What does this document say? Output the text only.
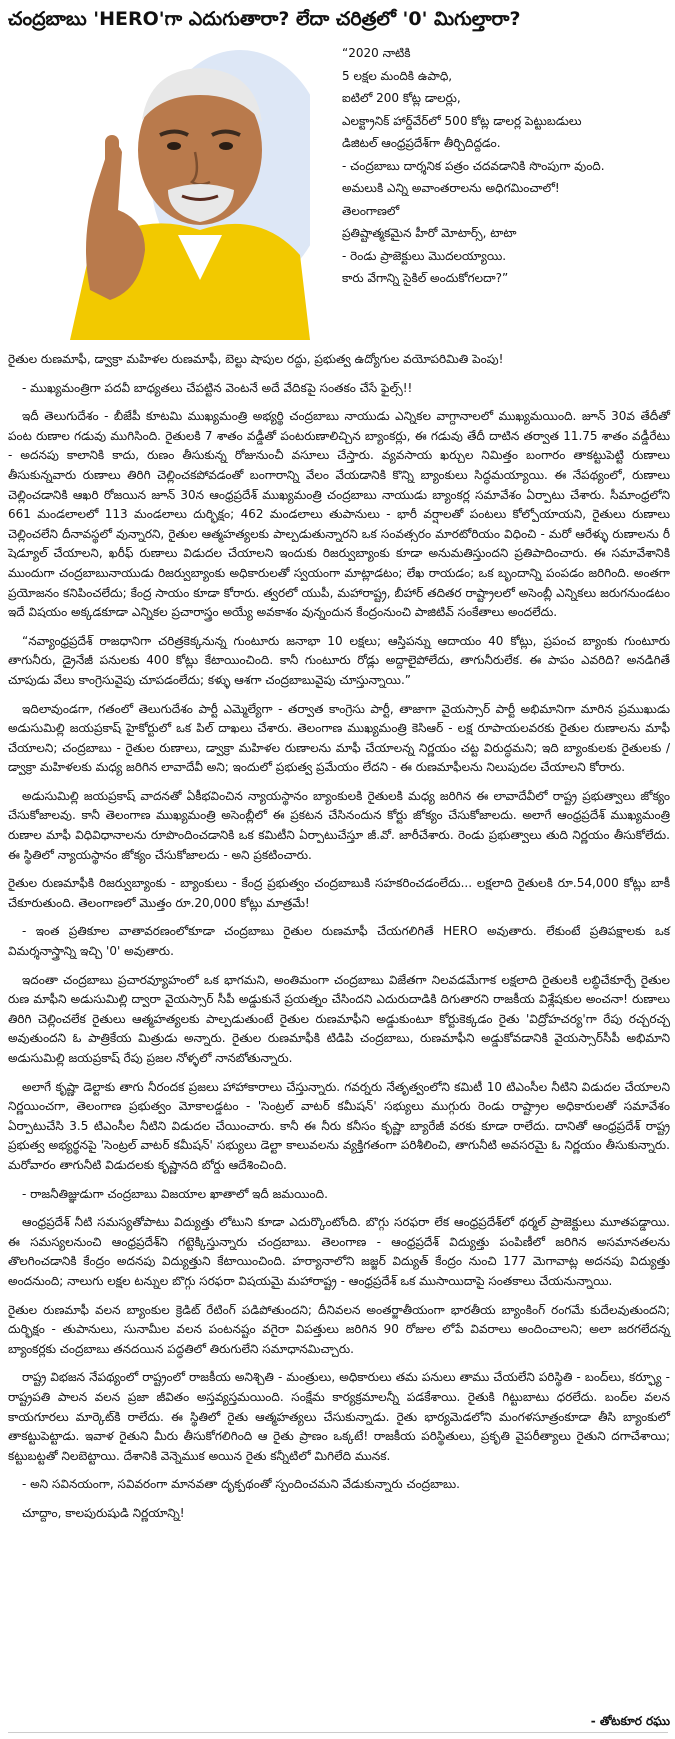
చంద్రబాబు 'HERO'గా ఎదుగుతారా? లేదా చరిత్రలో '0' మిగుల్తారా?
“2020 నాటికి
5 లక్షల మందికి ఉపాధి,
ఐటిలో 200 కోట్ల డాలర్లు,
ఎలక్ట్రానిక్ హార్డ్‌వేర్‌లో 500 కోట్ల డాలర్ల పెట్టుబడులు
డిజిటల్ ఆంధ్రప్రదేశ్‌గా తీర్చిదిద్దడం.
- చంద్రబాబు దార్శనిక పత్రం చదవడానికి సొంపుగా వుంది.
అమలుకి ఎన్ని అవాంతరాలను అధిగమించాలో!
తెలంగాణలో
ప్రతిష్టాత్మకమైన హీరో మోటార్స్, టాటా
- రెండు ప్రాజెక్టులు మొదలయ్యాయి.
కారు వేగాన్ని సైకిల్ అందుకోగలదా?”

రైతుల రుణమాఫీ, డ్వాక్రా మహిళల రుణమాఫీ, బెల్టు షాపుల రద్దు, ప్రభుత్వ ఉద్యోగుల వయోపరిమితి పెంపు!

- ముఖ్యమంత్రిగా పదవీ బాధ్యతలు చేపట్టిన వెంటనే అదే వేదికపై సంతకం చేసే ఫైల్స్!!

ఇదీ తెలుగుదేశం - బీజేపీ కూటమి ముఖ్యమంత్రి అభ్యర్థి చంద్రబాబు నాయుడు ఎన్నికల వాగ్దానాలలో ముఖ్యమయింది. జూన్ 30వ తేదీతో పంట రుణాల గడువు ముగిసింది. రైతులకి 7 శాతం వడ్డీతో పంటరుణాలిచ్చిన బ్యాంకర్లు, ఈ గడువు తేదీ దాటిన తర్వాత 11.75 శాతం వడ్డీరేటు - అదనపు కాలానికి కాదు, రుణం తీసుకున్న రోజునుంచీ వసూలు చేస్తారు. వ్యవసాయ ఖర్చుల నిమిత్తం బంగారం తాకట్టుపెట్టి రుణాలు తీసుకున్నవారు రుణాలు తిరిగి చెల్లించకపోవడంతో బంగారాన్ని వేలం వేయడానికి కొన్ని బ్యాంకులు సిద్ధమయ్యాయి. ఈ నేపథ్యంలో, రుణాలు చెల్లించడానికి ఆఖరి రోజయిన జూన్ 30న ఆంధ్రప్రదేశ్ ముఖ్యమంత్రి చంద్రబాబు నాయుడు బ్యాంకర్ల సమావేశం ఏర్పాటు చేశారు. సీమాంధ్రలోని 661 మండలాలలో 113 మండలాలు దుర్భిక్షం; 462 మండలాలు తుపానులు - భారీ వర్షాలతో పంటలు కోల్పోయాయని, రైతులు రుణాలు చెల్లించలేని దీనావస్థలో వున్నారని, రైతుల ఆత్మహత్యలకు పాల్పడుతున్నారని ఒక సంవత్సరం మారటోరియం విధించి - మరో ఆరేళ్ళు రుణాలను రీ షెడ్యూల్ చేయాలని, ఖరీఫ్ రుణాలు విడుదల చేయాలని ఇందుకు రిజర్వుబ్యాంకు కూడా అనుమతిస్తుందని ప్రతిపాదించారు. ఈ సమావేశానికి ముందుగా చంద్రబాబునాయుడు రిజర్వుబ్యాంకు అధికారులతో స్వయంగా మాట్లాడటం; లేఖ రాయడం; ఒక బృందాన్ని పంపడం జరిగింది. అంతగా ప్రయోజనం కనిపించలేదు; కేంద్ర సాయం కూడా కోరారు. త్వరలో యుపీ, మహారాష్ట్ర, బీహార్ తదితర రాష్ట్రాలలో అసెంబ్లీ ఎన్నికలు జరుగనుండటం ఇదే విషయం అక్కడకూడా ఎన్నికల ప్రచారాస్త్రం అయ్యే అవకాశం వున్నందున కేంద్రంనుంచి పాజిటివ్ సంకేతాలు అందలేదు.

“నవ్యాంధ్రప్రదేశ్ రాజధానిగా చరిత్రకెక్కనున్న గుంటూరు జనాభా 10 లక్షలు; ఆస్తిపన్ను ఆదాయం 40 కోట్లు, ప్రపంచ బ్యాంకు గుంటూరు తాగునీరు, డ్రైనేజీ పనులకు 400 కోట్లు కేటాయించింది. కానీ గుంటూరు రోడ్లు అద్దాలైపోలేదు, తాగునీరులేక. ఈ పాపం ఎవరిది? అనడిగితే చూపుడు వేలు కాంగ్రెసువైపు చూపడంలేదు; కళ్ళు ఆశగా చంద్రబాబువైపు చూస్తున్నాయి.”

ఇదిలావుండగా, గతంలో తెలుగుదేశం పార్టీ ఎమ్మెల్యేగా - తర్వాత కాంగ్రెసు పార్టీ, తాజాగా వైయస్సార్ పార్టీ అభిమానిగా మారిన ప్రముఖుడు అడుసుమిల్లి జయప్రకాష్ హైకోర్టులో ఒక పిల్ దాఖలు చేశారు. తెలంగాణ ముఖ్యమంత్రి కెసిఆర్ - లక్ష రూపాయలవరకు రైతుల రుణాలను మాఫీ చేయాలని; చంద్రబాబు - రైతుల రుణాలు, డ్వాక్రా మహిళల రుణాలను మాఫీ చేయాలన్న నిర్ణయం చట్ట విరుద్ధమని; ఇది బ్యాంకులకు రైతులకు / డ్వాక్రా మహిళలకు మధ్య జరిగిన లావాదేవీ అని; ఇందులో ప్రభుత్వ ప్రమేయం లేదని - ఈ రుణమాఫీలను నిలుపుదల చేయాలని కోరారు.

అడుసుమిల్లి జయప్రకాష్ వాదనతో ఏకీభవించిన న్యాయస్థానం బ్యాంకులకి రైతులకి మధ్య జరిగిన ఈ లావాదేవీలో రాష్ట్ర ప్రభుత్వాలు జోక్యం చేసుకోజాలవు. కానీ తెలంగాణ ముఖ్యమంత్రి అసెంబ్లీలో ఈ ప్రకటన చేసినందున కోర్టు జోక్యం చేసుకోజాలదు. అలాగే ఆంధ్రప్రదేశ్ ముఖ్యమంత్రి రుణాల మాఫీ విధివిధానాలను రూపొందించడానికి ఒక కమిటీని ఏర్పాటుచేస్తూ జీ.వో. జారీచేశారు. రెండు ప్రభుత్వాలు తుది నిర్ణయం తీసుకోలేదు. ఈ స్థితిలో న్యాయస్థానం జోక్యం చేసుకోజాలదు - అని ప్రకటించారు.

రైతుల రుణమాఫీకి రిజర్వుబ్యాంకు - బ్యాంకులు - కేంద్ర ప్రభుత్వం చంద్రబాబుకి సహకరించడంలేదు... లక్షలాది రైతులకి రూ.54,000 కోట్లు బాకీ చేకూరుతుంది. తెలంగాణలో మొత్తం రూ.20,000 కోట్లు మాత్రమే!

- ఇంత ప్రతికూల వాతావరణంలోకూడా చంద్రబాబు రైతుల రుణమాఫీ చేయగలిగితే HERO అవుతారు. లేకుంటే ప్రతిపక్షాలకు ఒక విమర్శనాస్త్రాన్ని ఇచ్చి '0' అవుతారు.

ఇదంతా చంద్రబాబు ప్రచారవ్యూహంలో ఒక భాగమని, అంతిమంగా చంద్రబాబు విజేతగా నిలవడమేగాక లక్షలాది రైతులకి లబ్ధిచేకూర్చే రైతుల రుణ మాఫీని అడుసుమిల్లి ద్వారా వైయస్సార్ సీపీ అడ్డుకునే ప్రయత్నం చేసిందని ఎదురుదాడికి దిగుతారని రాజకీయ విశ్లేషకుల అంచనా! రుణాలు తిరిగి చెల్లించలేక రైతులు ఆత్మహత్యలకు పాల్పడుతుంటే రైతుల రుణమాఫీని అడ్డుకుంటూ కోర్టుకెక్కడం రైతు 'విద్రోహచర్య'గా రేపు రచ్చరచ్చ అవుతుందని ఓ పాత్రికేయ మిత్రుడు అన్నారు. రైతుల రుణమాఫీకి టిడిపి చంద్రబాబు, రుణమాఫీని అడ్డుకోవడానికి వైయస్సార్‌సీపీ అభిమాని అడుసుమిల్లి జయప్రకాష్ రేపు ప్రజల నోళ్ళలో నానబోతున్నారు.

అలాగే కృష్ణా డెల్టాకు తాగు నీరందక ప్రజలు హాహాకారాలు చేస్తున్నారు. గవర్నరు నేతృత్వంలోని కమిటీ 10 టిఎంసీల నీటిని విడుదల చేయాలని నిర్ణయించగా, తెలంగాణ ప్రభుత్వం మోకాలడ్డటం - 'సెంట్రల్ వాటర్ కమీషన్' సభ్యులు ముగ్గురు రెండు రాష్ట్రాల అధికారులతో సమావేశం ఏర్పాటుచేసి 3.5 టిఎంసీల నీటిని విడుదల చేయించారు. కానీ ఈ నీరు కనీసం కృష్ణా బ్యారేజీ వరకు కూడా రాలేదు. దానితో ఆంధ్రప్రదేశ్ రాష్ట్ర ప్రభుత్వ అభ్యర్థనపై 'సెంట్రల్ వాటర్ కమీషన్' సభ్యులు డెల్టా కాలువలను వ్యక్తిగతంగా పరిశీలించి, తాగునీటి అవసరమై ఓ నిర్ణయం తీసుకున్నారు. మరోవారం తాగునీటి విడుదలకు కృష్ణానది బోర్డు ఆదేశించింది.

- రాజనీతిజ్ఞుడుగా చంద్రబాబు విజయాల ఖాతాలో ఇదీ జమయింది.

ఆంధ్రప్రదేశ్ నీటి సమస్యతోపాటు విద్యుత్తు లోటుని కూడా ఎదుర్కొంటోంది. బొగ్గు సరఫరా లేక ఆంధ్రప్రదేశ్‌లో థర్మల్ ప్రాజెక్టులు మూతపడ్డాయి. ఈ సమస్యలనుంచి ఆంధ్రప్రదేశ్‌ని గట్టెక్కిస్తున్నారు చంద్రబాబు. తెలంగాణ - ఆంధ్రప్రదేశ్ విద్యుత్తు పంపిణీలో జరిగిన అసమానతలను తొలగించడానికి కేంద్రం అదనపు విద్యుత్తుని కేటాయించింది. హర్యానాలోని జజ్జర్ విద్యుత్ కేంద్రం నుంచి 177 మెగావాట్ల అదనపు విద్యుత్తు అందనుంది; నాలుగు లక్షల టన్నుల బొగ్గు సరఫరా విషయమై మహారాష్ట్ర - ఆంధ్రప్రదేశ్ ఒక ముసాయిదాపై సంతకాలు చేయనున్నాయి.

రైతుల రుణమాఫీ వలన బ్యాంకుల క్రెడిట్ రేటింగ్ పడిపోతుందని; దీనివలన అంతర్జాతీయంగా భారతీయ బ్యాంకింగ్ రంగమే కుదేలవుతుందని; దుర్భిక్షం - తుపానులు, సునామీల వలన పంటనష్టం వగైరా విపత్తులు జరిగిన 90 రోజుల లోపే వివరాలు అందించాలని; అలా జరగలేదన్న బ్యాంకర్లకు చంద్రబాబు తనదయిన పద్ధతిలో తిరుగులేని సమాధానమిచ్చారు.

రాష్ట్ర విభజన నేపథ్యంలో రాష్ట్రంలో రాజకీయ అనిశ్చితి - మంత్రులు, అధికారులు తమ పనులు తాము చేయలేని పరిస్థితి - బంద్‌లు, కర్ఫ్యూ - రాష్ట్రపతి పాలన వలన ప్రజా జీవితం అస్తవ్యస్తమయింది. సంక్షేమ కార్యక్రమాలన్నీ పడకేశాయి. రైతుకి గిట్టుబాటు ధరలేదు. బంద్‌ల వలన కాయగూరలు మార్కెట్‌కి రాలేదు. ఈ స్థితిలో రైతు ఆత్మహత్యలు చేసుకున్నాడు. రైతు భార్యమెడలోని మంగళసూత్రంకూడా తీసి బ్యాంకులో తాకట్టుపెట్టాడు. ఇవాళ రైతుని మీరు తీసుకోగలిగింది ఆ రైతు ప్రాణం ఒక్కటే! రాజకీయ పరిస్థితులు, ప్రకృతి వైపరీత్యాలు రైతుని దగాచేశాయి; కట్టుబట్టతో నిలబెట్టాయి. దేశానికి వెన్నెముక అయిన రైతు కన్నీటిలో మిగిలేది మునక.

- అని సవినయంగా, సవివరంగా మానవతా దృక్పథంతో స్పందించమని వేడుకున్నారు చంద్రబాబు.

చూద్దాం, కాలపురుషుడి నిర్ణయాన్ని!

- తోటకూర రఘు
